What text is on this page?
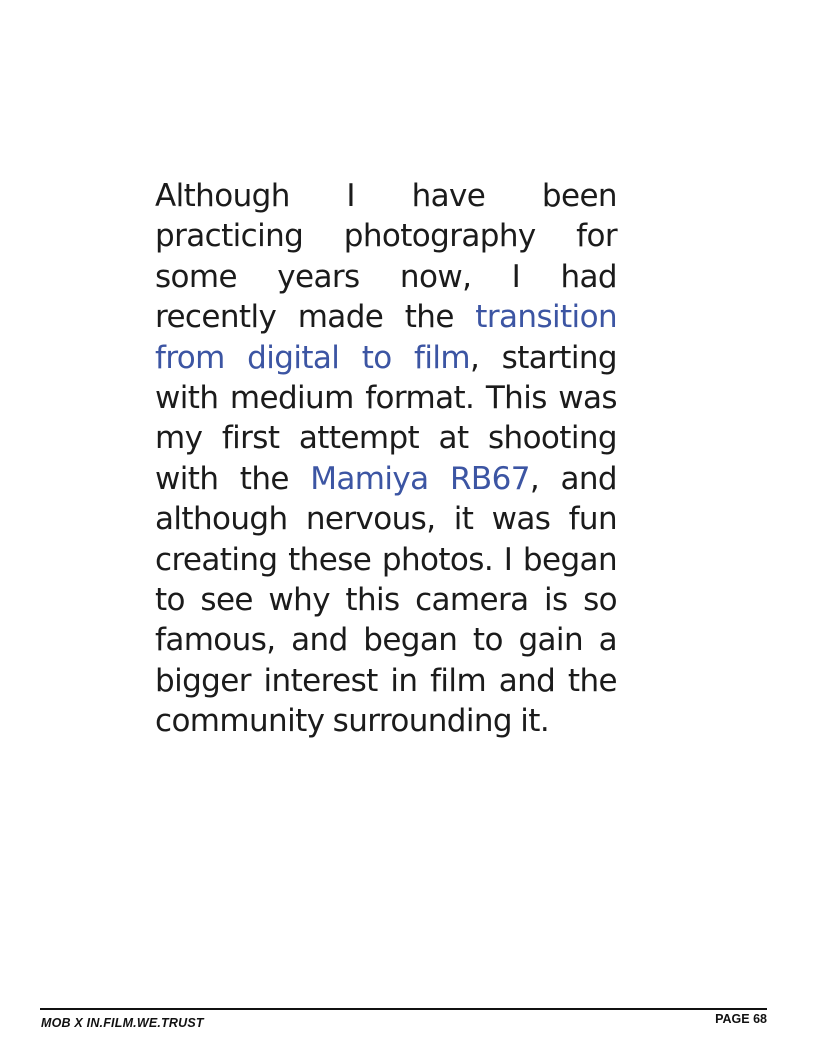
Although I have been practicing photography for some years now, I had recently made the transition from digital to film, starting with medium format. This was my first attempt at shooting with the Mamiya RB67, and although nervous, it was fun creating these photos. I began to see why this camera is so famous, and began to gain a bigger interest in film and the community surrounding it.

MOB X IN.FILM.WE.TRUST	PAGE 68
